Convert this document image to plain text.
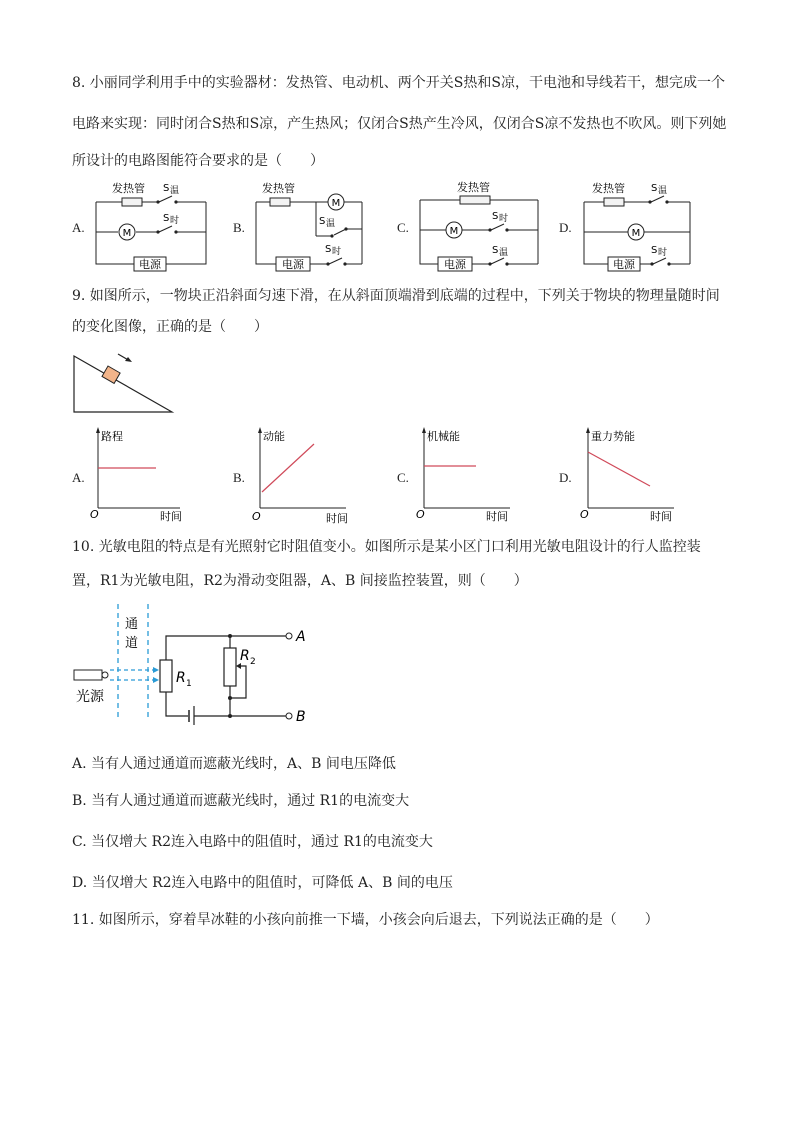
8. 小丽同学利用手中的实验器材：发热管、电动机、两个开关S热和S凉，干电池和导线若干，想完成一个
电路来实现：同时闭合S热和S凉，产生热风；仅闭合S热产生冷风，仅闭合S凉不发热也不吹风。则下列她
所设计的电路图能符合要求的是（　　）
A.	B.	C.	D.
M
电源
发热管 S 温
S 时
M
电源
发热管
S 温
S 时
M
电源
发热管
S 时
S 温
M
电源
发热管	S 温
S 时
9. 如图所示，一物块正沿斜面匀速下滑，在从斜面顶端滑到底端的过程中，下列关于物块的物理量随时间
的变化图像，正确的是（　　）
A.	B.	C.	D.
路程
时间
O
动能
时间
O
机械能
时间
O
重力势能
时间
O
10. 光敏电阻的特点是有光照射它时阻值变小。如图所示是某小区门口利用光敏电阻设计的行人监控装
置，R1为光敏电阻，R2为滑动变阻器，A、B 间接监控装置，则（　　）
通
道
光源
R 1
R 2
A
B
A. 当有人通过通道而遮蔽光线时，A、B 间电压降低
B. 当有人通过通道而遮蔽光线时，通过 R1的电流变大
C. 当仅增大 R2连入电路中的阻值时，通过 R1的电流变大
D. 当仅增大 R2连入电路中的阻值时，可降低 A、B 间的电压
11. 如图所示，穿着旱冰鞋的小孩向前推一下墙，小孩会向后退去，下列说法正确的是（　　）
